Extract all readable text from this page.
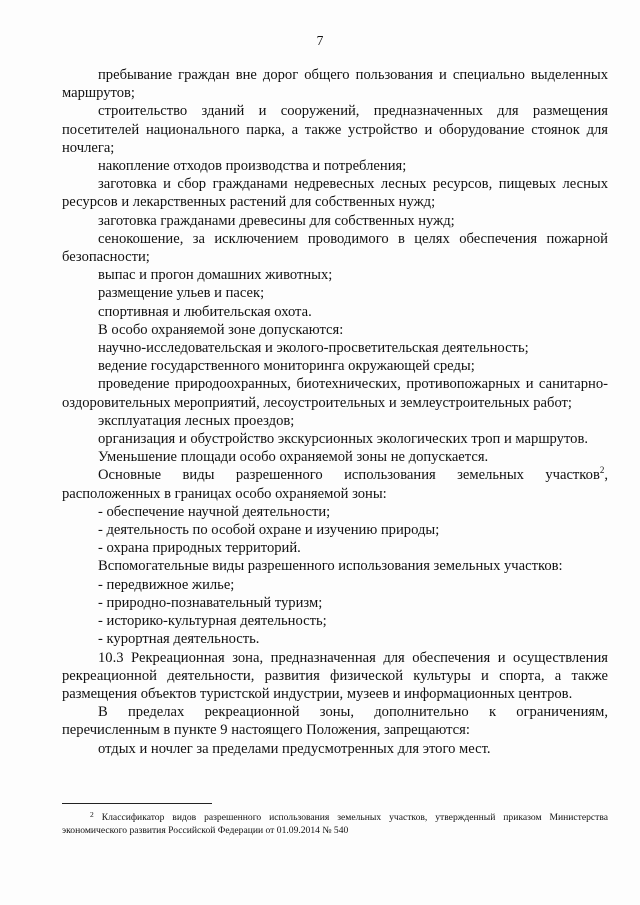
7

пребывание граждан вне дорог общего пользования и специально выделенных маршрутов;

строительство зданий и сооружений, предназначенных для размещения посетителей национального парка, а также устройство и оборудование стоянок для ночлега;

накопление отходов производства и потребления;

заготовка и сбор гражданами недревесных лесных ресурсов, пищевых лесных ресурсов и лекарственных растений для собственных нужд;

заготовка гражданами древесины для собственных нужд;

сенокошение, за исключением проводимого в целях обеспечения пожарной безопасности;

выпас и прогон домашних животных;

размещение ульев и пасек;

спортивная и любительская охота.

В особо охраняемой зоне допускаются:

научно-исследовательская и эколого-просветительская деятельность;

ведение государственного мониторинга окружающей среды;

проведение природоохранных, биотехнических, противопожарных и санитарно-оздоровительных мероприятий, лесоустроительных и землеустроительных работ;

эксплуатация лесных проездов;

организация и обустройство экскурсионных экологических троп и маршрутов.

Уменьшение площади особо охраняемой зоны не допускается.

Основные виды разрешенного использования земельных участков$^2$,

расположенных в границах особо охраняемой зоны:

- обеспечение научной деятельности;

- деятельность по особой охране и изучению природы;

- охрана природных территорий.

Вспомогательные виды разрешенного использования земельных участков:

- передвижное жилье;

- природно-познавательный туризм;

- историко-культурная деятельность;

- курортная деятельность.

10.3 Рекреационная зона, предназначенная для обеспечения и осуществления рекреационной деятельности, развития физической культуры и спорта, а также размещения объектов туристской индустрии, музеев и информационных центров.

В пределах рекреационной зоны, дополнительно к ограничениям, перечисленным в пункте 9 настоящего Положения, запрещаются:

отдых и ночлег за пределами предусмотренных для этого мест.

$^2$ Классификатор видов разрешенного использования земельных участков, утвержденный приказом Министерства экономического развития Российской Федерации от 01.09.2014 № 540
